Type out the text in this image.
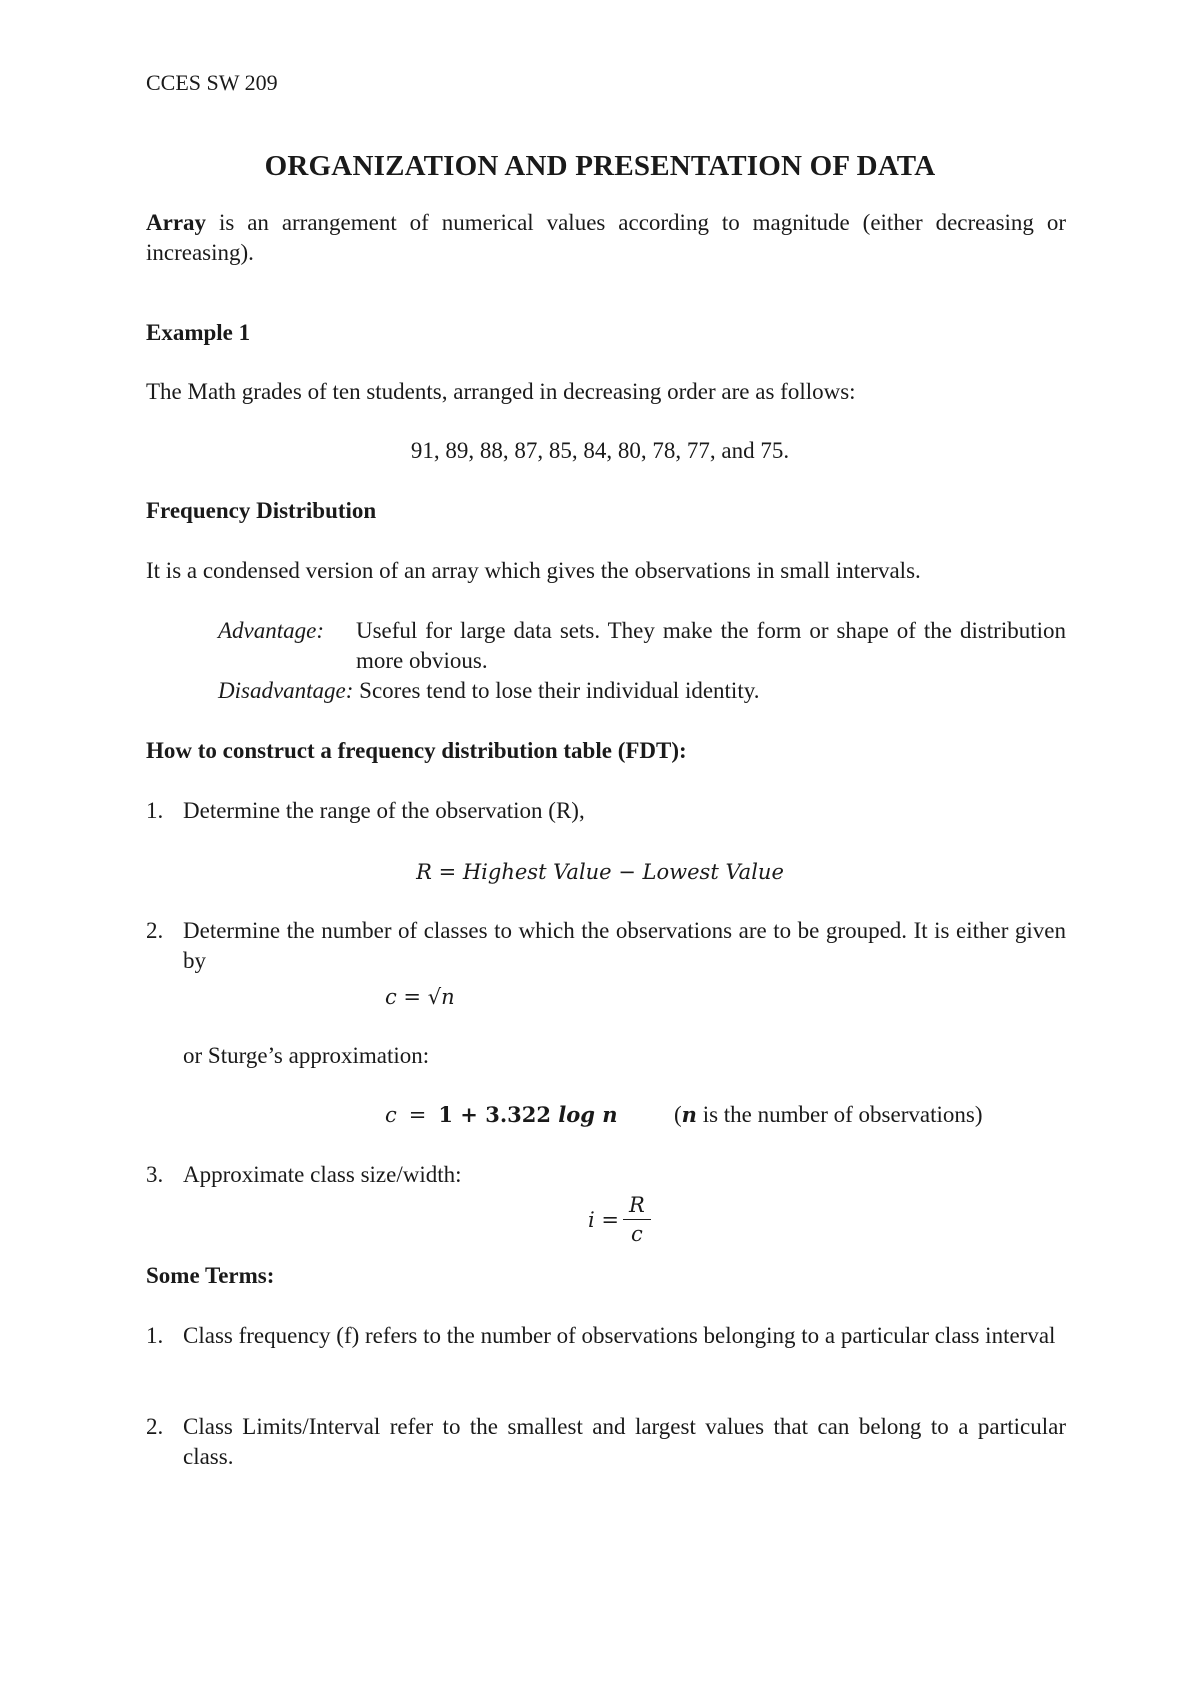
CCES SW 209
ORGANIZATION AND PRESENTATION OF DATA
Array is an arrangement of numerical values according to magnitude (either decreasing or increasing).
Example 1
The Math grades of ten students, arranged in decreasing order are as follows:
91, 89, 88, 87, 85, 84, 80, 78, 77, and 75.
Frequency Distribution
It is a condensed version of an array which gives the observations in small intervals.
Advantage: Useful for large data sets. They make the form or shape of the distribution more obvious.
Disadvantage: Scores tend to lose their individual identity.
How to construct a frequency distribution table (FDT):
1. Determine the range of the observation (R),
R = Highest Value − Lowest Value
2. Determine the number of classes to which the observations are to be grouped. It is either given by
c = √n
or Sturge’s approximation:
c = 1 + 3.322 log n (n is the number of observations)
3. Approximate class size/width:
$i = \frac{R}{c}$
Some Terms:
1. Class frequency (f) refers to the number of observations belonging to a particular class interval
2. Class Limits/Interval refer to the smallest and largest values that can belong to a particular class.
